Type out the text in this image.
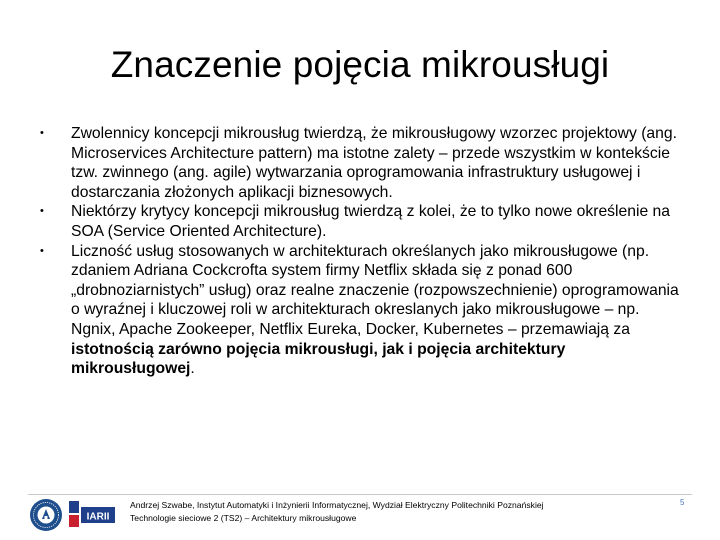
Znaczenie pojęcia mikrousługi
•	Zwolennicy koncepcji mikrousług twierdzą, że mikrousługowy wzorzec projektowy (ang. Microservices Architecture pattern) ma istotne zalety – przede wszystkim w kontekście tzw. zwinnego (ang. agile) wytwarzania oprogramowania infrastruktury usługowej i dostarczania złożonych aplikacji biznesowych.
•	Niektórzy krytycy koncepcji mikrousług twierdzą z kolei, że to tylko nowe określenie na SOA (Service Oriented Architecture).
•	Liczność usług stosowanych w architekturach określanych jako mikrousługowe (np. zdaniem Adriana Cockcrofta system firmy Netflix składa się z ponad 600 „drobnoziarnistych” usług) oraz realne znaczenie (rozpowszechnienie) oprogramowania o wyraźnej i kluczowej roli w architekturach okreslanych jako mikrousługowe – np. Ngnix, Apache Zookeeper, Netflix Eureka, Docker, Kubernetes – przemawiają za istotnością zarówno pojęcia mikrousługi, jak i pojęcia architektury mikrousługowej.
IARII
Andrzej Szwabe, Instytut Automatyki i Inżynierii Informatycznej, Wydział Elektryczny Politechniki Poznańskiej
Technologie sieciowe 2 (TS2) – Architektury mikrousługowe
5
